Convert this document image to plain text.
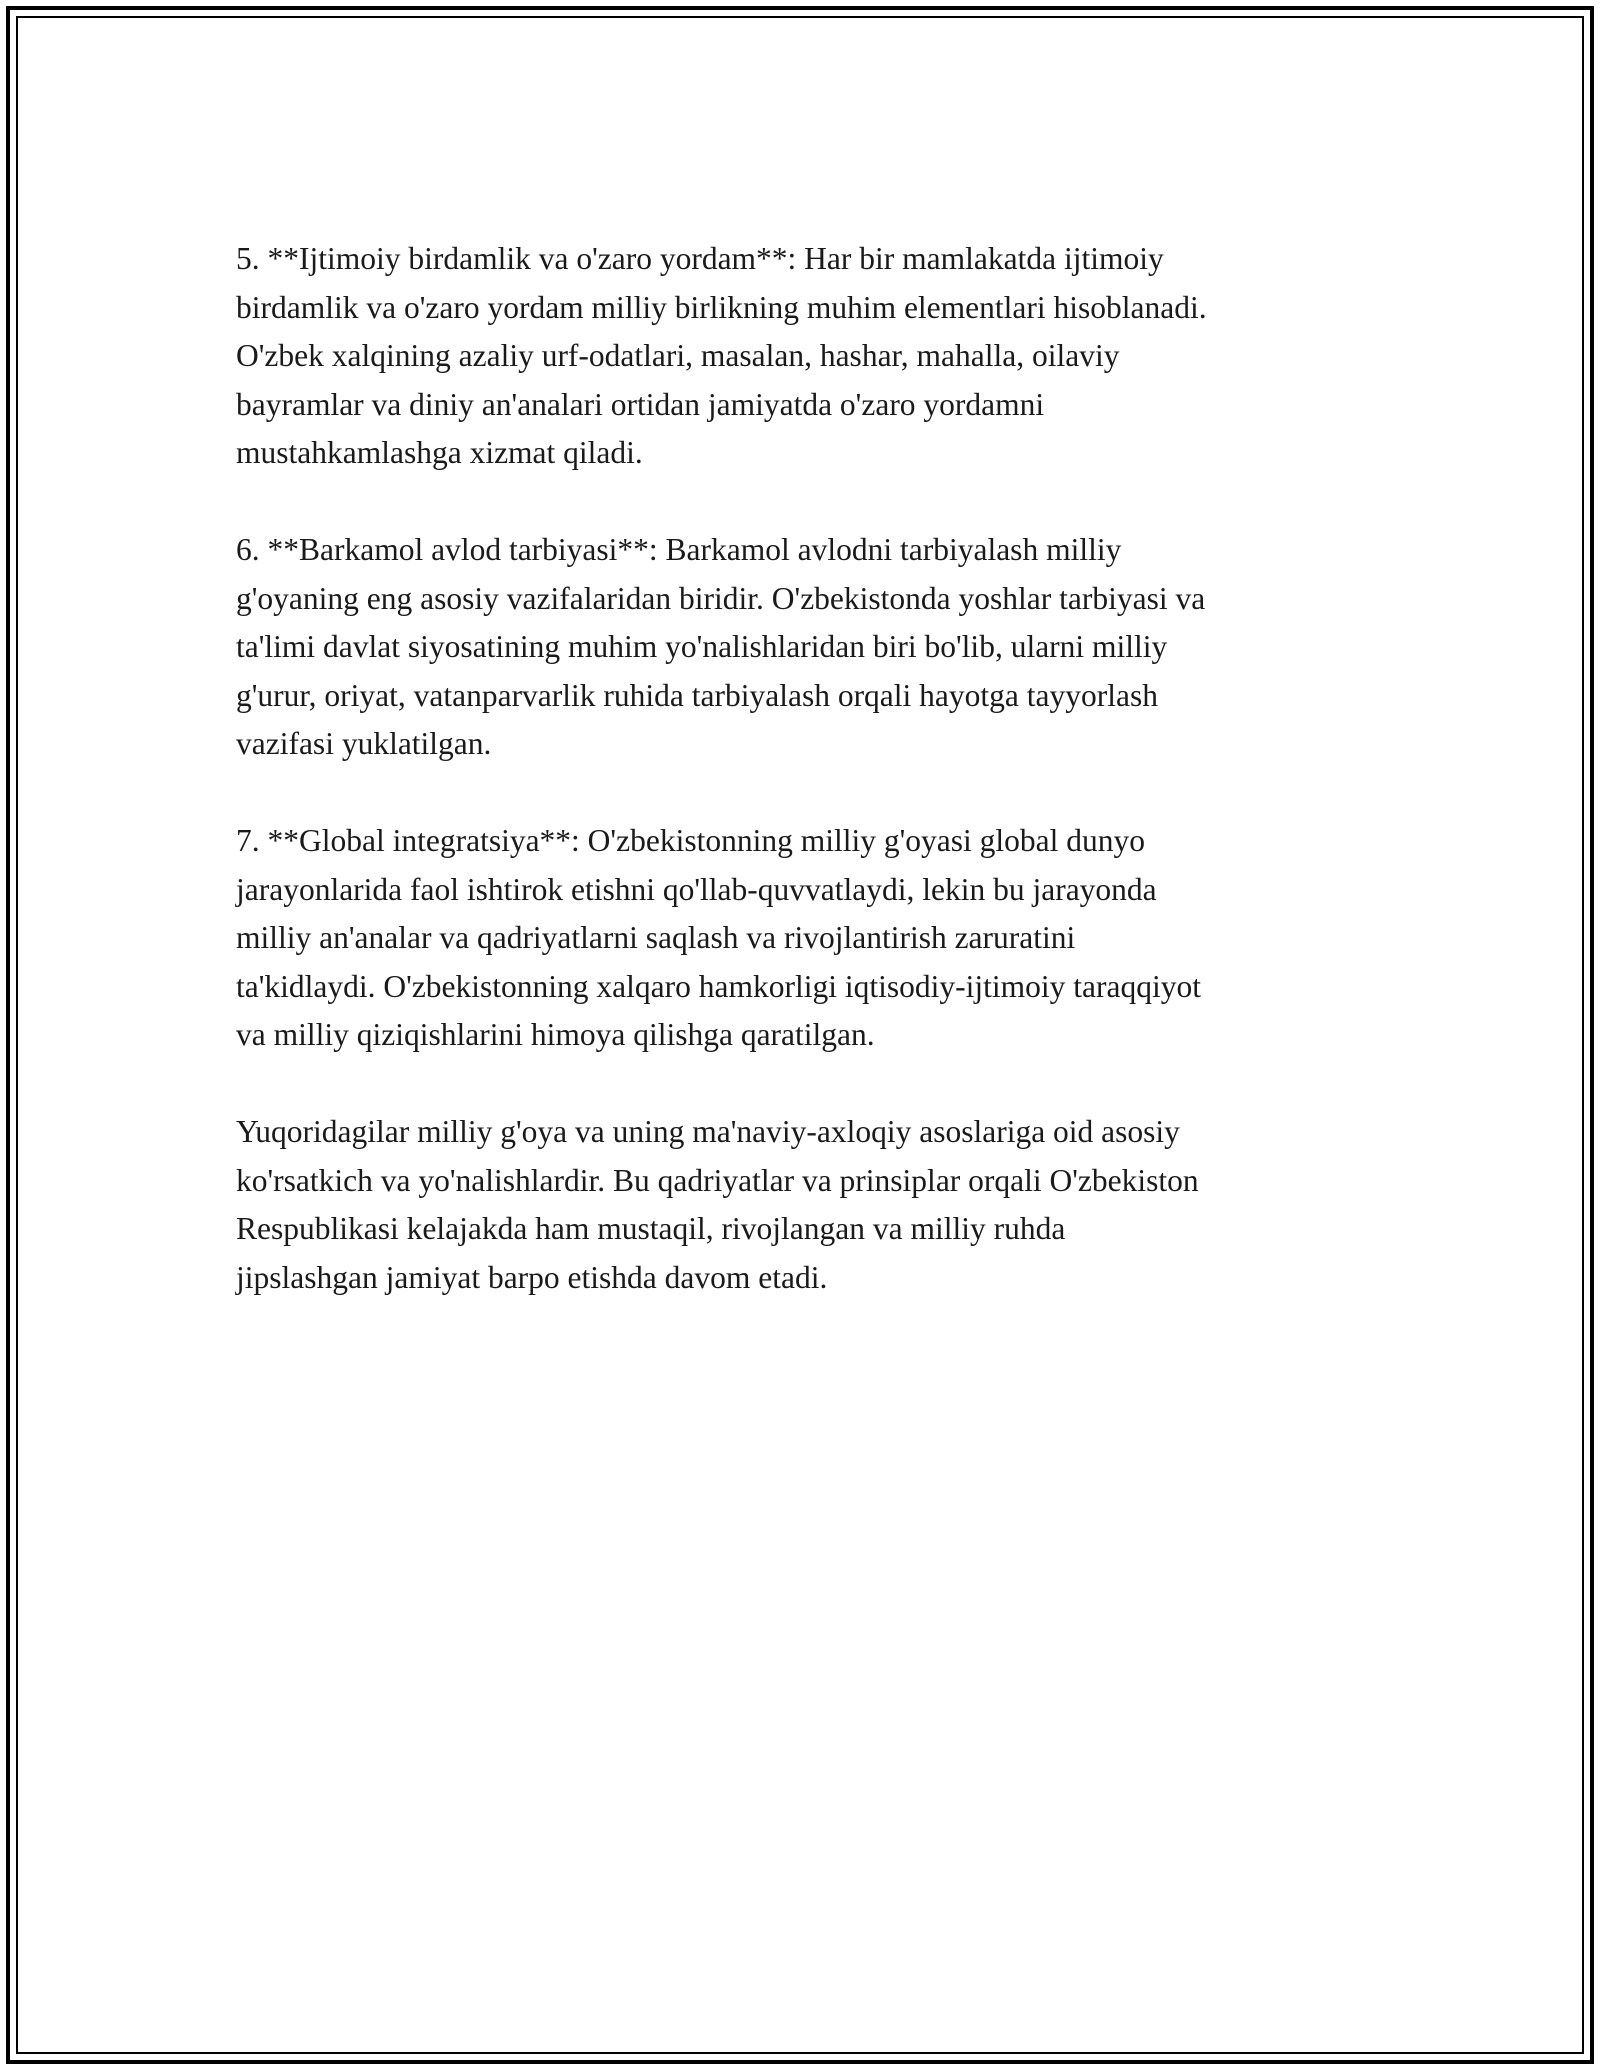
5. **Ijtimoiy birdamlik va o'zaro yordam**: Har bir mamlakatda ijtimoiy
birdamlik va o'zaro yordam milliy birlikning muhim elementlari hisoblanadi.
O'zbek xalqining azaliy urf-odatlari, masalan, hashar, mahalla, oilaviy
bayramlar va diniy an'analari ortidan jamiyatda o'zaro yordamni
mustahkamlashga xizmat qiladi.

6. **Barkamol avlod tarbiyasi**: Barkamol avlodni tarbiyalash milliy
g'oyaning eng asosiy vazifalaridan biridir. O'zbekistonda yoshlar tarbiyasi va
ta'limi davlat siyosatining muhim yo'nalishlaridan biri bo'lib, ularni milliy
g'urur, oriyat, vatanparvarlik ruhida tarbiyalash orqali hayotga tayyorlash
vazifasi yuklatilgan.

7. **Global integratsiya**: O'zbekistonning milliy g'oyasi global dunyo
jarayonlarida faol ishtirok etishni qo'llab-quvvatlaydi, lekin bu jarayonda
milliy an'analar va qadriyatlarni saqlash va rivojlantirish zaruratini
ta'kidlaydi. O'zbekistonning xalqaro hamkorligi iqtisodiy-ijtimoiy taraqqiyot
va milliy qiziqishlarini himoya qilishga qaratilgan.

Yuqoridagilar milliy g'oya va uning ma'naviy-axloqiy asoslariga oid asosiy
ko'rsatkich va yo'nalishlardir. Bu qadriyatlar va prinsiplar orqali O'zbekiston
Respublikasi kelajakda ham mustaqil, rivojlangan va milliy ruhda
jipslashgan jamiyat barpo etishda davom etadi.
